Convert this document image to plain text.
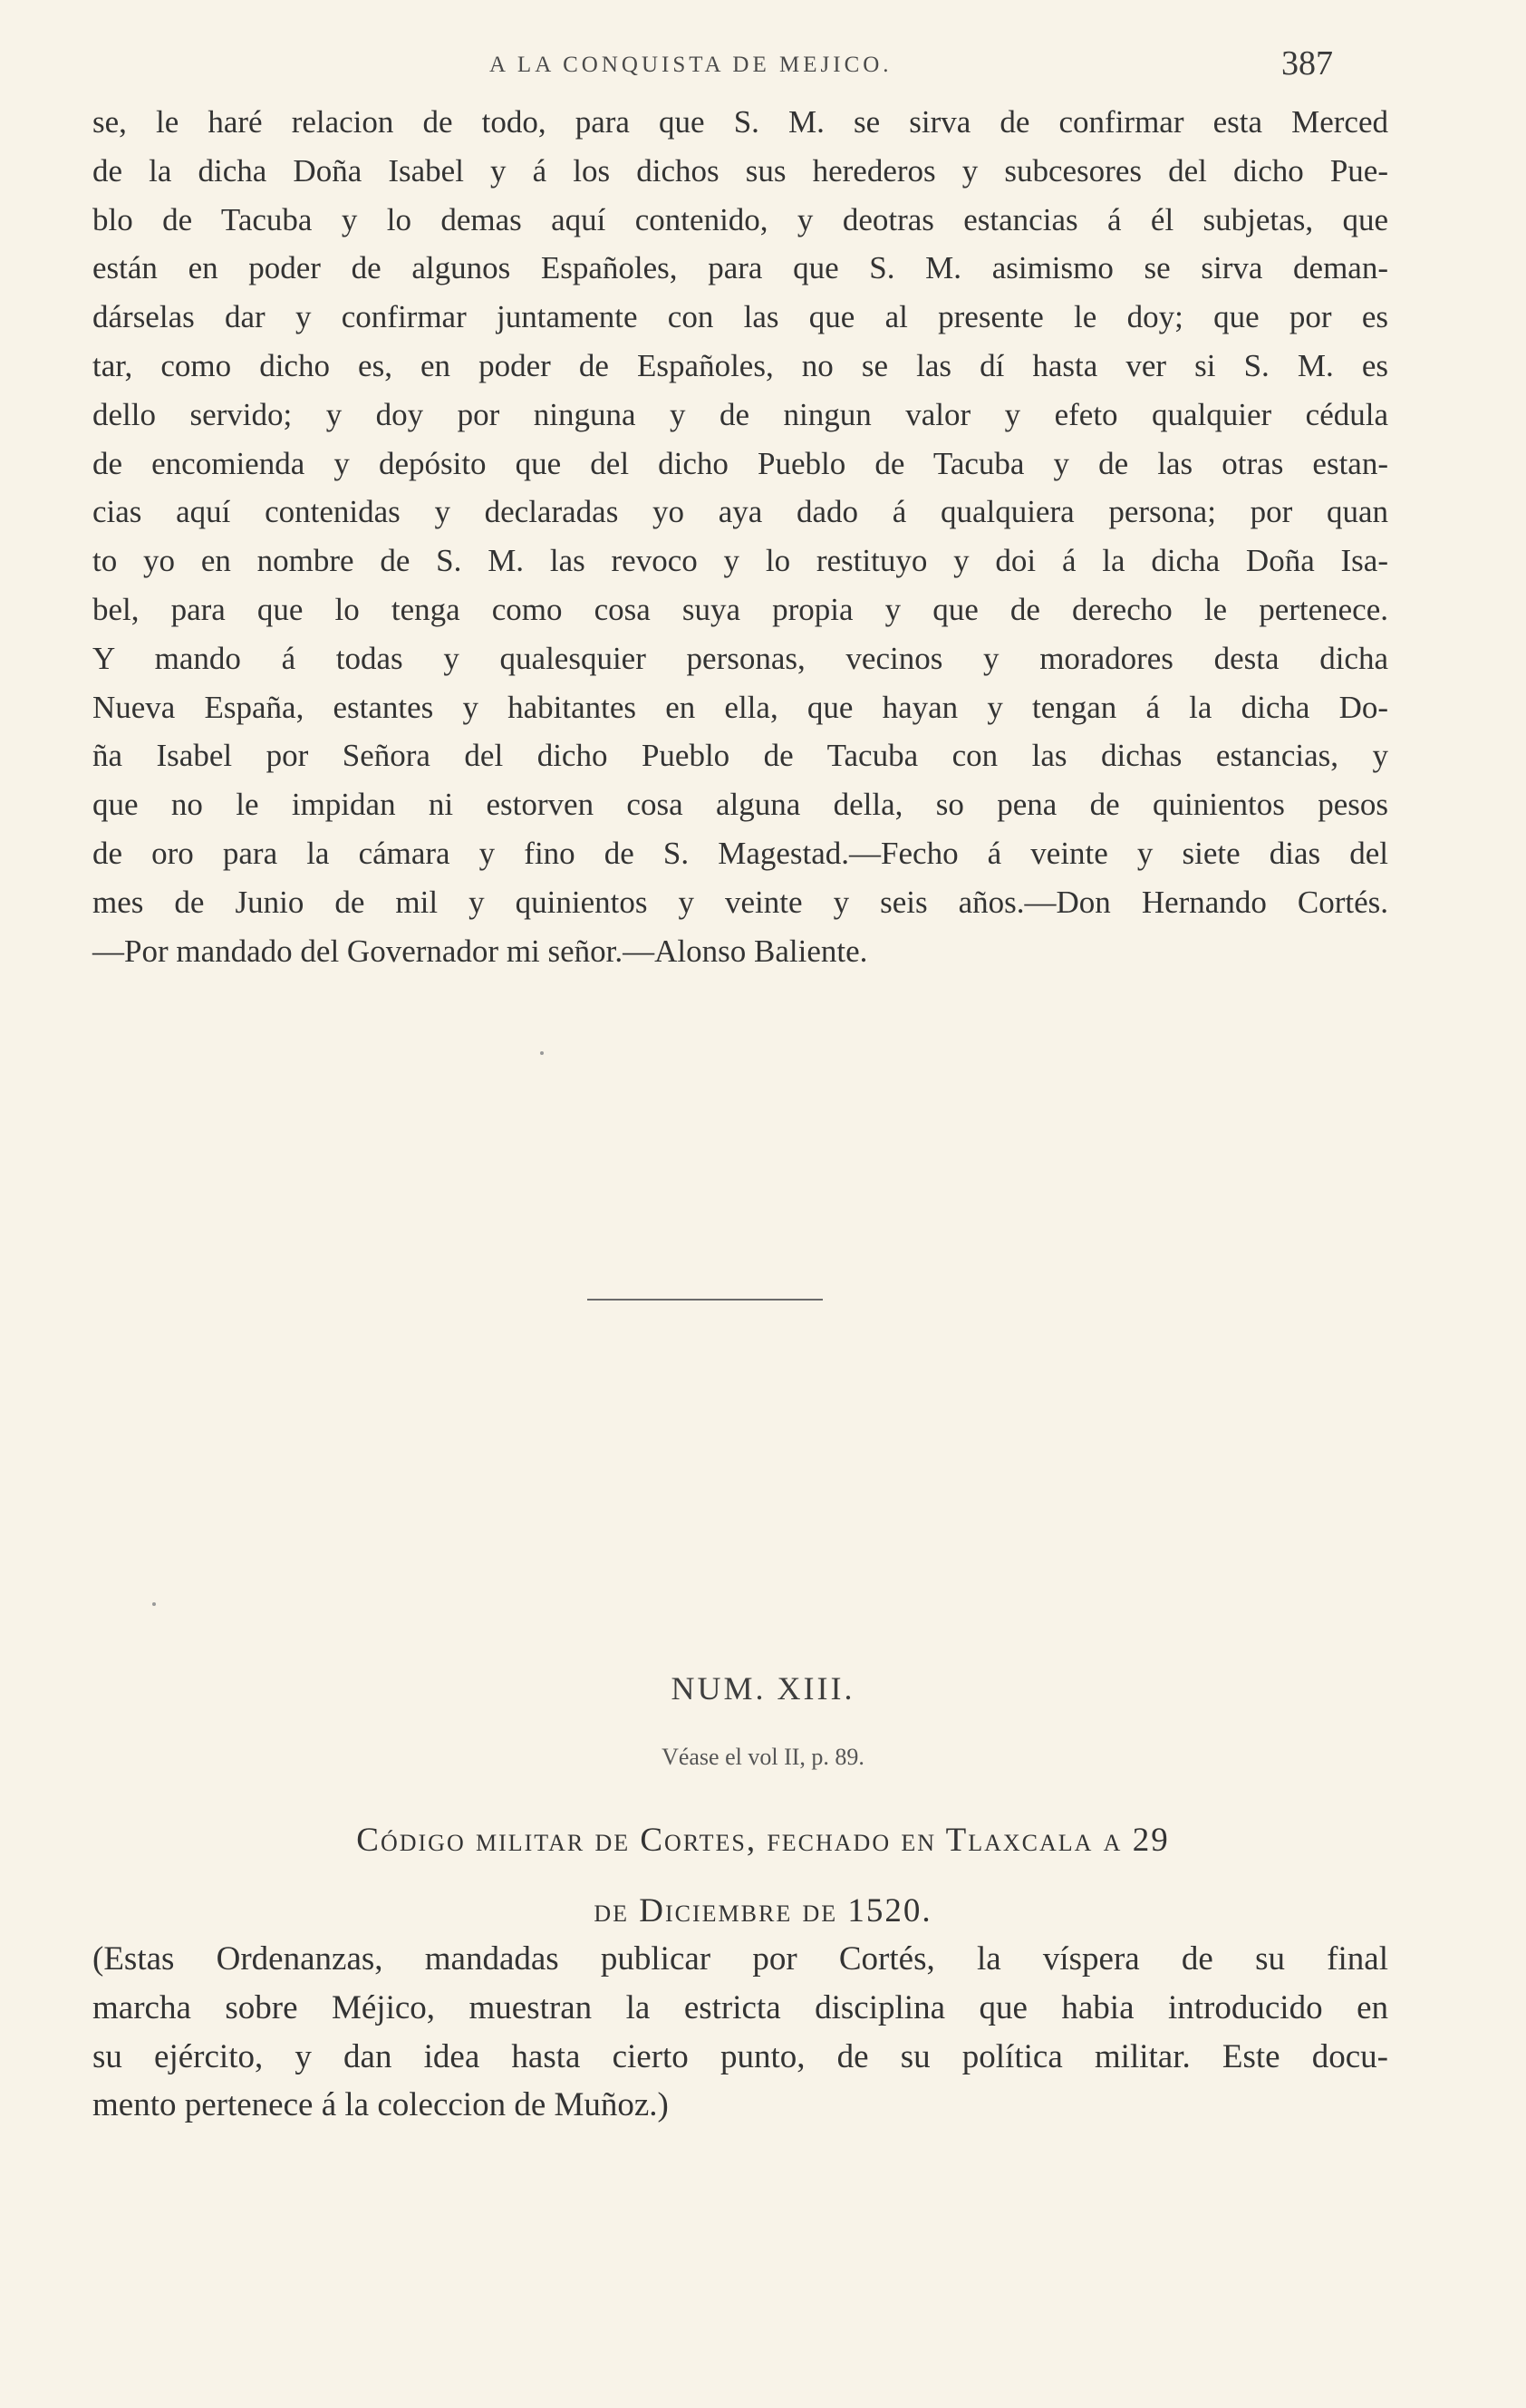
A LA CONQUISTA DE MEJICO.	387
se, le haré relacion de todo, para que S. M. se sirva de confirmar esta Merced
de la dicha Doña Isabel y á los dichos sus herederos y subcesores del dicho Pue-
blo de Tacuba y lo demas aquí contenido, y deotras estancias á él subjetas, que
están en poder de algunos Españoles, para que S. M. asimismo se sirva deman-
dárselas dar y confirmar juntamente con las que al presente le doy; que por es
tar, como dicho es, en poder de Españoles, no se las dí hasta ver si S. M. es
dello servido; y doy por ninguna y de ningun valor y efeto qualquier cédula
de encomienda y depósito que del dicho Pueblo de Tacuba y de las otras estan-
cias aquí contenidas y declaradas yo aya dado á qualquiera persona; por quan
to yo en nombre de S. M. las revoco y lo restituyo y doi á la dicha Doña Isa-
bel, para que lo tenga como cosa suya propia y que de derecho le pertenece.
Y mando á todas y qualesquier personas, vecinos y moradores desta dicha
Nueva España, estantes y habitantes en ella, que hayan y tengan á la dicha Do-
ña Isabel por Señora del dicho Pueblo de Tacuba con las dichas estancias, y
que no le impidan ni estorven cosa alguna della, so pena de quinientos pesos
de oro para la cámara y fino de S. Magestad.—Fecho á veinte y siete dias del
mes de Junio de mil y quinientos y veinte y seis años.—Don Hernando Cortés.
—Por mandado del Governador mi señor.—Alonso Baliente.
NUM. XIII.
Véase el vol II, p. 89.
Código militar de Cortes, fechado en Tlaxcala a 29
de Diciembre de 1520.
(Estas Ordenanzas, mandadas publicar por Cortés, la víspera de su final
marcha sobre Méjico, muestran la estricta disciplina que habia introducido en
su ejército, y dan idea hasta cierto punto, de su política militar. Este docu-
mento pertenece á la coleccion de Muñoz.)
